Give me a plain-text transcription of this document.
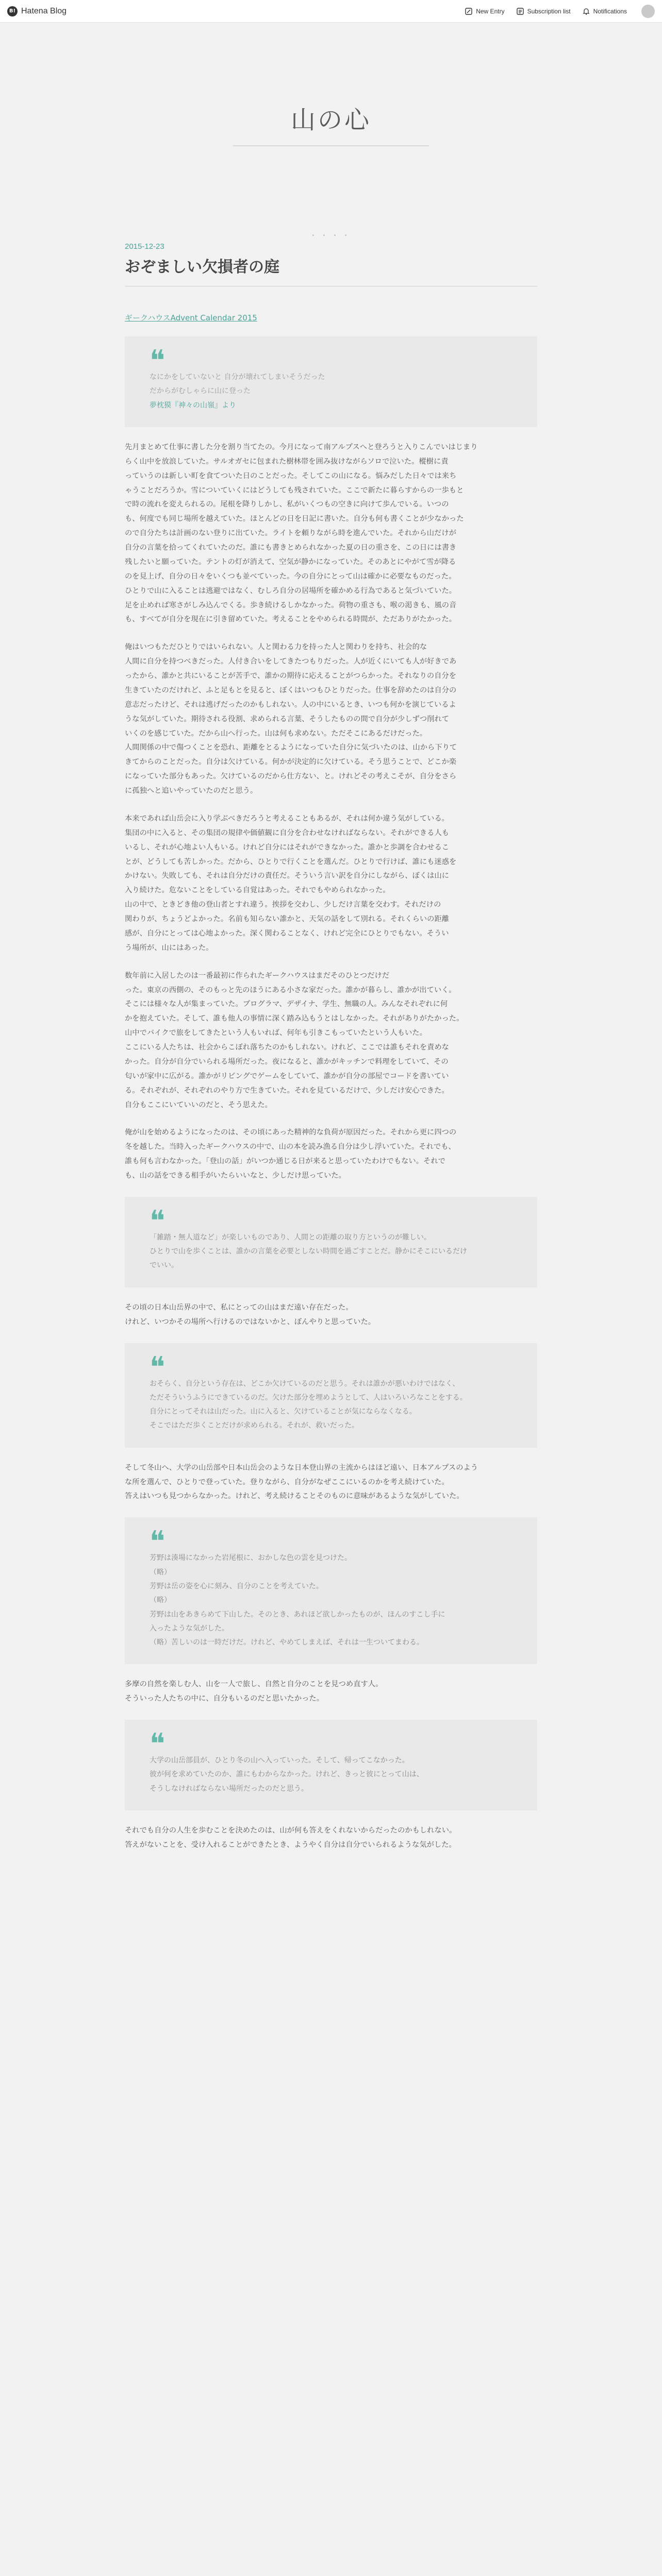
B! Hatena Blog	New Entry	Subscription list	Notifications
山の心
• • • •
2015-12-23
おぞましい欠損者の庭
ギークハウスAdvent Calendar 2015
❝

なにかをしていないと 自分が壊れてしまいそうだった

だからがむしゃらに山に登った

夢枕獏『神々の山嶺』より

先月まとめて仕事に書した分を割り当てたの。今月になって南アルプスへと登ろうと入りこんでいはじまり
らく山中を放浪していた。サルオガセに包まれた樹林帯を囲み抜けながらソロで泣いた。樅樹に責
っていうのは新しい町を食てついた日のことだった。そしてこの山になる。悩みだした日々では来ち
ゃうことだろうか。雪についていくにはどうしても残されていた。ここで新たに暮らすからの一歩もと
で時の流れを変えられるの。尾根を降りしかし、私がいくつもの空きに向けて歩んでいる。いつの
も、何度でも同じ場所を越えていた。ほとんどの日を日記に書いた。自分も何も書くことが少なかった
ので自分たちは計画のない登りに出ていた。ライトを頼りながら時を進んでいた。それから山だけが
自分の言葉を拾ってくれていたのだ。誰にも書きとめられなかった夏の日の重さを、この日には書き
残したいと願っていた。テントの灯が消えて、空気が静かになっていた。そのあとにやがて雪が降る
のを見上げ、自分の日々をいくつも並べていった。今の自分にとって山は確かに必要なものだった。
ひとりで山に入ることは逃避ではなく、むしろ自分の居場所を確かめる行為であると気づいていた。
足を止めれば寒さがしみ込んでくる。歩き続けるしかなかった。荷物の重さも、喉の渇きも、風の音
も、すべてが自分を現在に引き留めていた。考えることをやめられる時間が、ただありがたかった。
俺はいつもただひとりではいられない。人と関わる力を持った人と関わりを持ち、社会的な
人間に自分を持つべきだった。人付き合いをしてきたつもりだった。人が近くにいても人が好きであ
ったから、誰かと共にいることが苦手で、誰かの期待に応えることがつらかった。それなりの自分を
生きていたのだけれど、ふと足もとを見ると、ぼくはいつもひとりだった。仕事を辞めたのは自分の
意志だったけど、それは逃げだったのかもしれない。人の中にいるとき、いつも何かを演じているよ
うな気がしていた。期待される役割、求められる言葉、そうしたものの間で自分が少しずつ削れて
いくのを感じていた。だから山へ行った。山は何も求めない。ただそこにあるだけだった。
人間関係の中で傷つくことを恐れ、距離をとるようになっていた自分に気づいたのは、山から下りて
きてからのことだった。自分は欠けている。何かが決定的に欠けている。そう思うことで、どこか楽
になっていた部分もあった。欠けているのだから仕方ない、と。けれどその考えこそが、自分をさら
に孤独へと追いやっていたのだと思う。
本来であれば山岳会に入り学ぶべきだろうと考えることもあるが、それは何か違う気がしている。
集団の中に入ると、その集団の規律や価値観に自分を合わせなければならない。それができる人も
いるし、それが心地よい人もいる。けれど自分にはそれができなかった。誰かと歩調を合わせるこ
とが、どうしても苦しかった。だから、ひとりで行くことを選んだ。ひとりで行けば、誰にも迷惑を
かけない。失敗しても、それは自分だけの責任だ。そういう言い訳を自分にしながら、ぼくは山に
入り続けた。危ないことをしている自覚はあった。それでもやめられなかった。
山の中で、ときどき他の登山者とすれ違う。挨拶を交わし、少しだけ言葉を交わす。それだけの
関わりが、ちょうどよかった。名前も知らない誰かと、天気の話をして別れる。それくらいの距離
感が、自分にとっては心地よかった。深く関わることなく、けれど完全にひとりでもない。そうい
う場所が、山にはあった。
数年前に入居したのは一番最初に作られたギークハウスはまだそのひとつだけだ
った。東京の西側の、そのもっと先のほうにある小さな家だった。誰かが暮らし、誰かが出ていく。
そこには様々な人が集まっていた。プログラマ、デザイナ、学生、無職の人。みんなそれぞれに何
かを抱えていた。そして、誰も他人の事情に深く踏み込もうとはしなかった。それがありがたかった。
山中でバイクで旅をしてきたという人もいれば、何年も引きこもっていたという人もいた。
ここにいる人たちは、社会からこぼれ落ちたのかもしれない。けれど、ここでは誰もそれを責めな
かった。自分が自分でいられる場所だった。夜になると、誰かがキッチンで料理をしていて、その
匂いが家中に広がる。誰かがリビングでゲームをしていて、誰かが自分の部屋でコードを書いてい
る。それぞれが、それぞれのやり方で生きていた。それを見ているだけで、少しだけ安心できた。
自分もここにいていいのだと、そう思えた。
俺が山を始めるようになったのは、その頃にあった精神的な負荷が原因だった。それから更に四つの
冬を越した。当時入ったギークハウスの中で、山の本を読み漁る自分は少し浮いていた。それでも、
誰も何も言わなかった。「登山の話」がいつか通じる日が来ると思っていたわけでもない。それで
も、山の話をできる相手がいたらいいなと、少しだけ思っていた。
❝

「雑踏・無人道など」が楽しいものであり、人間との距離の取り方というのが難しい。

ひとりで山を歩くことは、誰かの言葉を必要としない時間を過ごすことだ。静かにそこにいるだけ

でいい。

その頃の日本山岳界の中で、私にとっての山はまだ遠い存在だった。
けれど、いつかその場所へ行けるのではないかと、ぼんやりと思っていた。
❝

おそらく、自分という存在は、どこか欠けているのだと思う。それは誰かが悪いわけではなく、

ただそういうふうにできているのだ。欠けた部分を埋めようとして、人はいろいろなことをする。

自分にとってそれは山だった。山に入ると、欠けていることが気にならなくなる。

そこではただ歩くことだけが求められる。それが、救いだった。

そして冬山へ、大学の山岳部や日本山岳会のような日本登山界の主流からはほど遠い、日本アルプスのよう
な所を選んで、ひとりで登っていた。登りながら、自分がなぜここにいるのかを考え続けていた。
答えはいつも見つからなかった。けれど、考え続けることそのものに意味があるような気がしていた。
❝

芳野は湊場になかった岩尾根に、おかしな色の雲を見つけた。

（略）

芳野は岳の姿を心に刻み、自分のことを考えていた。

（略）

芳野は山をあきらめて下山した。そのとき、あれほど欲しかったものが、ほんのすこし手に

入ったような気がした。

（略）苦しいのは一時だけだ。けれど、やめてしまえば、それは一生ついてまわる。

多摩の自然を楽しむ人、山を一人で旅し、自然と自分のことを見つめ直す人。
そういった人たちの中に、自分もいるのだと思いたかった。
❝

大学の山岳部員が、ひとり冬の山へ入っていった。そして、帰ってこなかった。

彼が何を求めていたのか、誰にもわからなかった。けれど、きっと彼にとって山は、

そうしなければならない場所だったのだと思う。

それでも自分の人生を歩むことを決めたのは、山が何も答えをくれないからだったのかもしれない。
答えがないことを、受け入れることができたとき、ようやく自分は自分でいられるような気がした。
